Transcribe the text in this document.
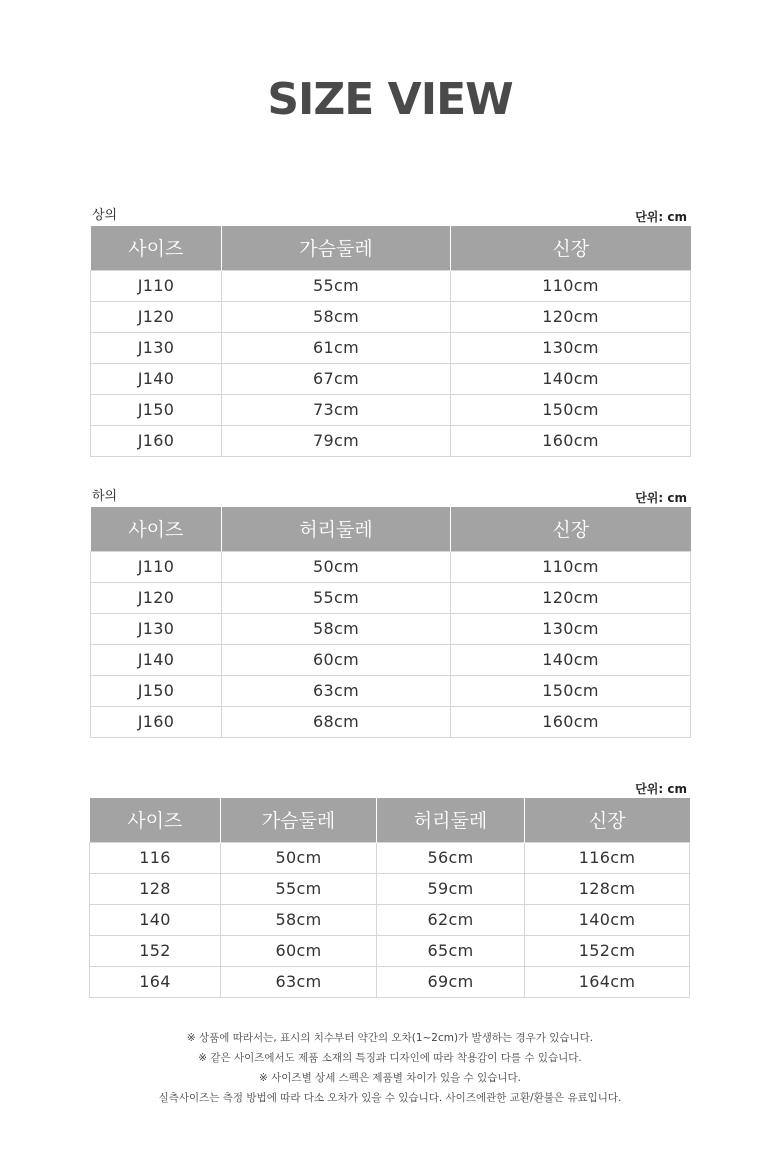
SIZE VIEW
상의	단위: cm
사이즈	가슴둘레	신장
J110	55cm	110cm
J120	58cm	120cm
J130	61cm	130cm
J140	67cm	140cm
J150	73cm	150cm
J160	79cm	160cm
하의	단위: cm
사이즈	허리둘레	신장
J110	50cm	110cm
J120	55cm	120cm
J130	58cm	130cm
J140	60cm	140cm
J150	63cm	150cm
J160	68cm	160cm
단위: cm
사이즈	가슴둘레	허리둘레	신장
116	50cm	56cm	116cm
128	55cm	59cm	128cm
140	58cm	62cm	140cm
152	60cm	65cm	152cm
164	63cm	69cm	164cm
※ 상품에 따라서는, 표시의 치수부터 약간의 오차(1~2cm)가 발생하는 경우가 있습니다.
※ 같은 사이즈에서도 제품 소재의 특징과 디자인에 따라 착용감이 다를 수 있습니다.
※ 사이즈별 상세 스펙은 제품별 차이가 있을 수 있습니다.
실측사이즈는 측정 방법에 따라 다소 오차가 있을 수 있습니다. 사이즈에관한 교환/환불은 유료입니다.
